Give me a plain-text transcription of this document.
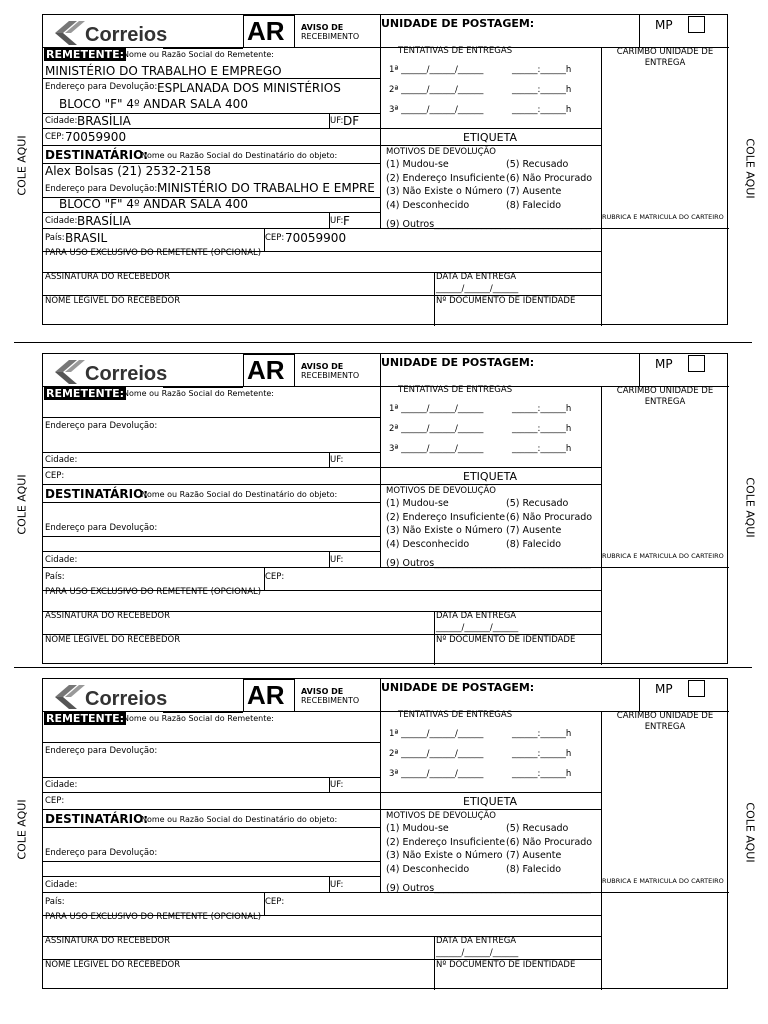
Correios	AR AVISO DE
RECEBIMENTO
UNIDADE DE POSTAGEM:	MP
REMETENTE:
Nome ou Razão Social do Remetente:
MINISTÉRIO DO TRABALHO E EMPREGO
Endereço para Devolução: ESPLANADA DOS MINISTÉRIOS
BLOCO "F" 4º ANDAR SALA 400
Cidade: BRASÍLIA	UF: DF
CEP: 70059900
DESTINATÁRIO:
Nome ou Razão Social do Destinatário do objeto:
Alex Bolsas (21) 2532-2158
Endereço para Devolução: MINISTÉRIO DO TRABALHO E EMPRE
BLOCO "F" 4º ANDAR SALA 400
Cidade: BRASÍLIA	UF: F
País: BRASIL	CEP: 70059900
TENTATIVAS DE ENTREGAS
1ª ______/______/______	______:______h
2ª ______/______/______	______:______h
3ª ______/______/______	______:______h
CARIMBO UNIDADE DE
ENTREGA
RUBRICA E MATRICULA DO CARTEIRO
ETIQUETA
MOTIVOS DE DEVOLUÇÃO
(1) Mudou-se
(2) Endereço Insuficiente
(3) Não Existe o Número
(4) Desconhecido
(5) Recusado
(6) Não Procurado
(7) Ausente
(8) Falecido
(9) Outros_________________________________
PARA USO EXCLUSIVO DO REMETENTE (OPCIONAL)
ASSINATURA DO RECEBEDOR	DATA DA ENTREGA
______/______/______
NOME LEGIVEL DO RECEBEDOR	Nº DOCUMENTO DE IDENTIDADE
COLE AQUI	COLE AQUI
Correios	AR AVISO DE
RECEBIMENTO
UNIDADE DE POSTAGEM:	MP
REMETENTE:
Nome ou Razão Social do Remetente:
Endereço para Devolução:
Cidade:	UF:
CEP:
DESTINATÁRIO:
Nome ou Razão Social do Destinatário do objeto:
Endereço para Devolução:
Cidade:	UF:
País:	CEP:
TENTATIVAS DE ENTREGAS
1ª ______/______/______	______:______h
2ª ______/______/______	______:______h
3ª ______/______/______	______:______h
CARIMBO UNIDADE DE
ENTREGA
RUBRICA E MATRICULA DO CARTEIRO
ETIQUETA
MOTIVOS DE DEVOLUÇÃO
(1) Mudou-se
(2) Endereço Insuficiente
(3) Não Existe o Número
(4) Desconhecido
(5) Recusado
(6) Não Procurado
(7) Ausente
(8) Falecido
(9) Outros_________________________________
PARA USO EXCLUSIVO DO REMETENTE (OPCIONAL)
ASSINATURA DO RECEBEDOR	DATA DA ENTREGA
______/______/______
NOME LEGIVEL DO RECEBEDOR	Nº DOCUMENTO DE IDENTIDADE
COLE AQUI	COLE AQUI
Correios	AR AVISO DE
RECEBIMENTO
UNIDADE DE POSTAGEM:	MP
REMETENTE:
Nome ou Razão Social do Remetente:
Endereço para Devolução:
Cidade:	UF:
CEP:
DESTINATÁRIO:
Nome ou Razão Social do Destinatário do objeto:
Endereço para Devolução:
Cidade:	UF:
País:	CEP:
TENTATIVAS DE ENTREGAS
1ª ______/______/______	______:______h
2ª ______/______/______	______:______h
3ª ______/______/______	______:______h
CARIMBO UNIDADE DE
ENTREGA
RUBRICA E MATRICULA DO CARTEIRO
ETIQUETA
MOTIVOS DE DEVOLUÇÃO
(1) Mudou-se
(2) Endereço Insuficiente
(3) Não Existe o Número
(4) Desconhecido
(5) Recusado
(6) Não Procurado
(7) Ausente
(8) Falecido
(9) Outros_________________________________
PARA USO EXCLUSIVO DO REMETENTE (OPCIONAL)
ASSINATURA DO RECEBEDOR	DATA DA ENTREGA
______/______/______
NOME LEGIVEL DO RECEBEDOR	Nº DOCUMENTO DE IDENTIDADE
COLE AQUI	COLE AQUI
